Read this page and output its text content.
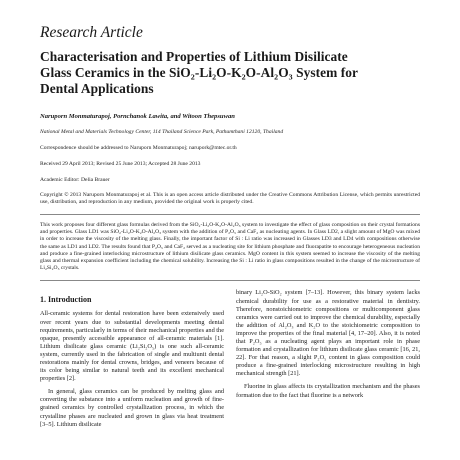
Research Article
Characterisation and Properties of Lithium Disilicate
Glass Ceramics in the SiO₂-Li₂O-K₂O-Al₂O₃ System for
Dental Applications
Naruporn Monmaturapoj, Pornchanok Lawita, and Witoon Thepsuwan
National Metal and Materials Technology Center, 114 Thailand Science Park, Pathumthani 12120, Thailand
Correspondence should be addressed to Naruporn Monmaturapoj; narupork@mtec.or.th
Received 29 April 2013; Revised 25 June 2013; Accepted 28 June 2013
Academic Editor: Delia Brauer
Copyright © 2013 Naruporn Monmaturapoj et al. This is an open access article distributed under the Creative Commons Attribution License, which permits unrestricted use, distribution, and reproduction in any medium, provided the original work is properly cited.
This work proposes four different glass formulas derived from the SiO₂-Li₂O-K₂O-Al₂O₃ system to investigate the effect of glass composition on their crystal formations and properties. Glass LD1 was SiO₂-Li₂O-K₂O-Al₂O₃ system with the addition of P₂O₅ and CaF₂ as nucleating agents. In Glass LD2, a slight amount of MgO was mixed in order to increase the viscosity of the melting glass. Finally, the important factor of Si : Li ratio was increased in Glasses LD3 and LD4 with compositions otherwise the same as LD1 and LD2. The results found that P₂O₅ and CaF₂ served as a nucleating site for lithium phosphate and fluorapatite to encourage heterogeneous nucleation and produce a fine-grained interlocking microstructure of lithium disilicate glass ceramics. MgO content in this system seemed to increase the viscosity of the melting glass and thermal expansion coefficient including the chemical solubility. Increasing the Si : Li ratio in glass compositions resulted in the change of the microstructure of Li₂Si₂O₅ crystals.
1. Introduction
All-ceramic systems for dental restoration have been extensively used over recent years due to substantial developments meeting dental requirements, particularly in terms of their mechanical properties and the opaque, presently accessible appearance of all-ceramic materials [1]. Lithium disilicate glass ceramic (Li₂Si₂O₅) is one such all-ceramic system, currently used in the fabrication of single and multiunit dental restorations mainly for dental crowns, bridges, and veneers because of its color being similar to natural teeth and its excellent mechanical properties [2].
In general, glass ceramics can be produced by melting glass and converting the substance into a uniform nucleation and growth of fine-grained ceramics by controlled crystallization process, in which the crystalline phases are nucleated and grown in glass via heat treatment [3–5]. Lithium disilicate
binary Li₂O-SiO₂ system [7–13]. However, this binary system lacks chemical durability for use as a restorative material in dentistry. Therefore, nonstoichiometric compositions or multicomponent glass ceramics were carried out to improve the chemical durability, especially the addition of Al₂O₃ and K₂O to the stoichiometric composition to improve the properties of the final material [4, 17–20]. Also, it is noted that P₂O₅ as a nucleating agent plays an important role in phase formation and crystallization for lithium disilicate glass ceramic [16, 21, 22]. For that reason, a slight P₂O₅ content in glass composition could produce a fine-grained interlocking microstructure resulting in high mechanical strength [21].
Fluorine in glass affects its crystallization mechanism and the phases formation due to the fact that fluorine is a network
